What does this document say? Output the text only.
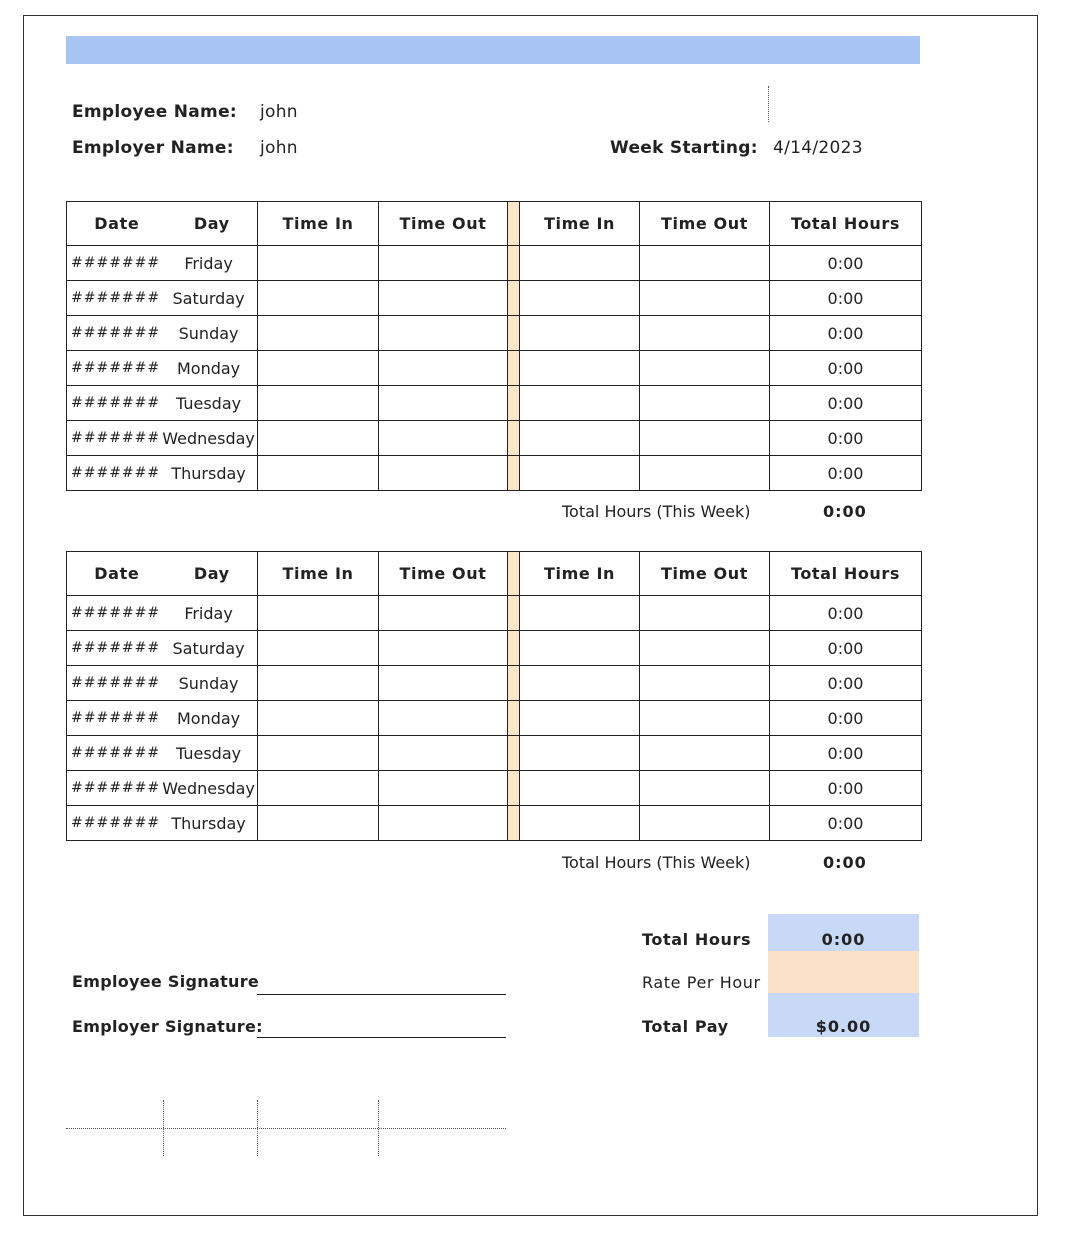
Employee Name: john
Employer Name: john	Week Starting: 4/14/2023
Date Day	Time In	Time Out		Time In	Time Out	Total Hours

####### Friday						0:00

####### Saturday						0:00

####### Sunday						0:00

####### Monday						0:00

####### Tuesday						0:00

####### Wednesday						0:00

####### Thursday						0:00
Total Hours (This Week)	0:00
Date Day	Time In	Time Out		Time In	Time Out	Total Hours

####### Friday						0:00

####### Saturday						0:00

####### Sunday						0:00

####### Monday						0:00

####### Tuesday						0:00

####### Wednesday						0:00

####### Thursday						0:00
Total Hours (This Week)	0:00
Total Hours	0:00
Rate Per Hour
Total Pay	$0.00
Employee Signature
Employer Signature:
